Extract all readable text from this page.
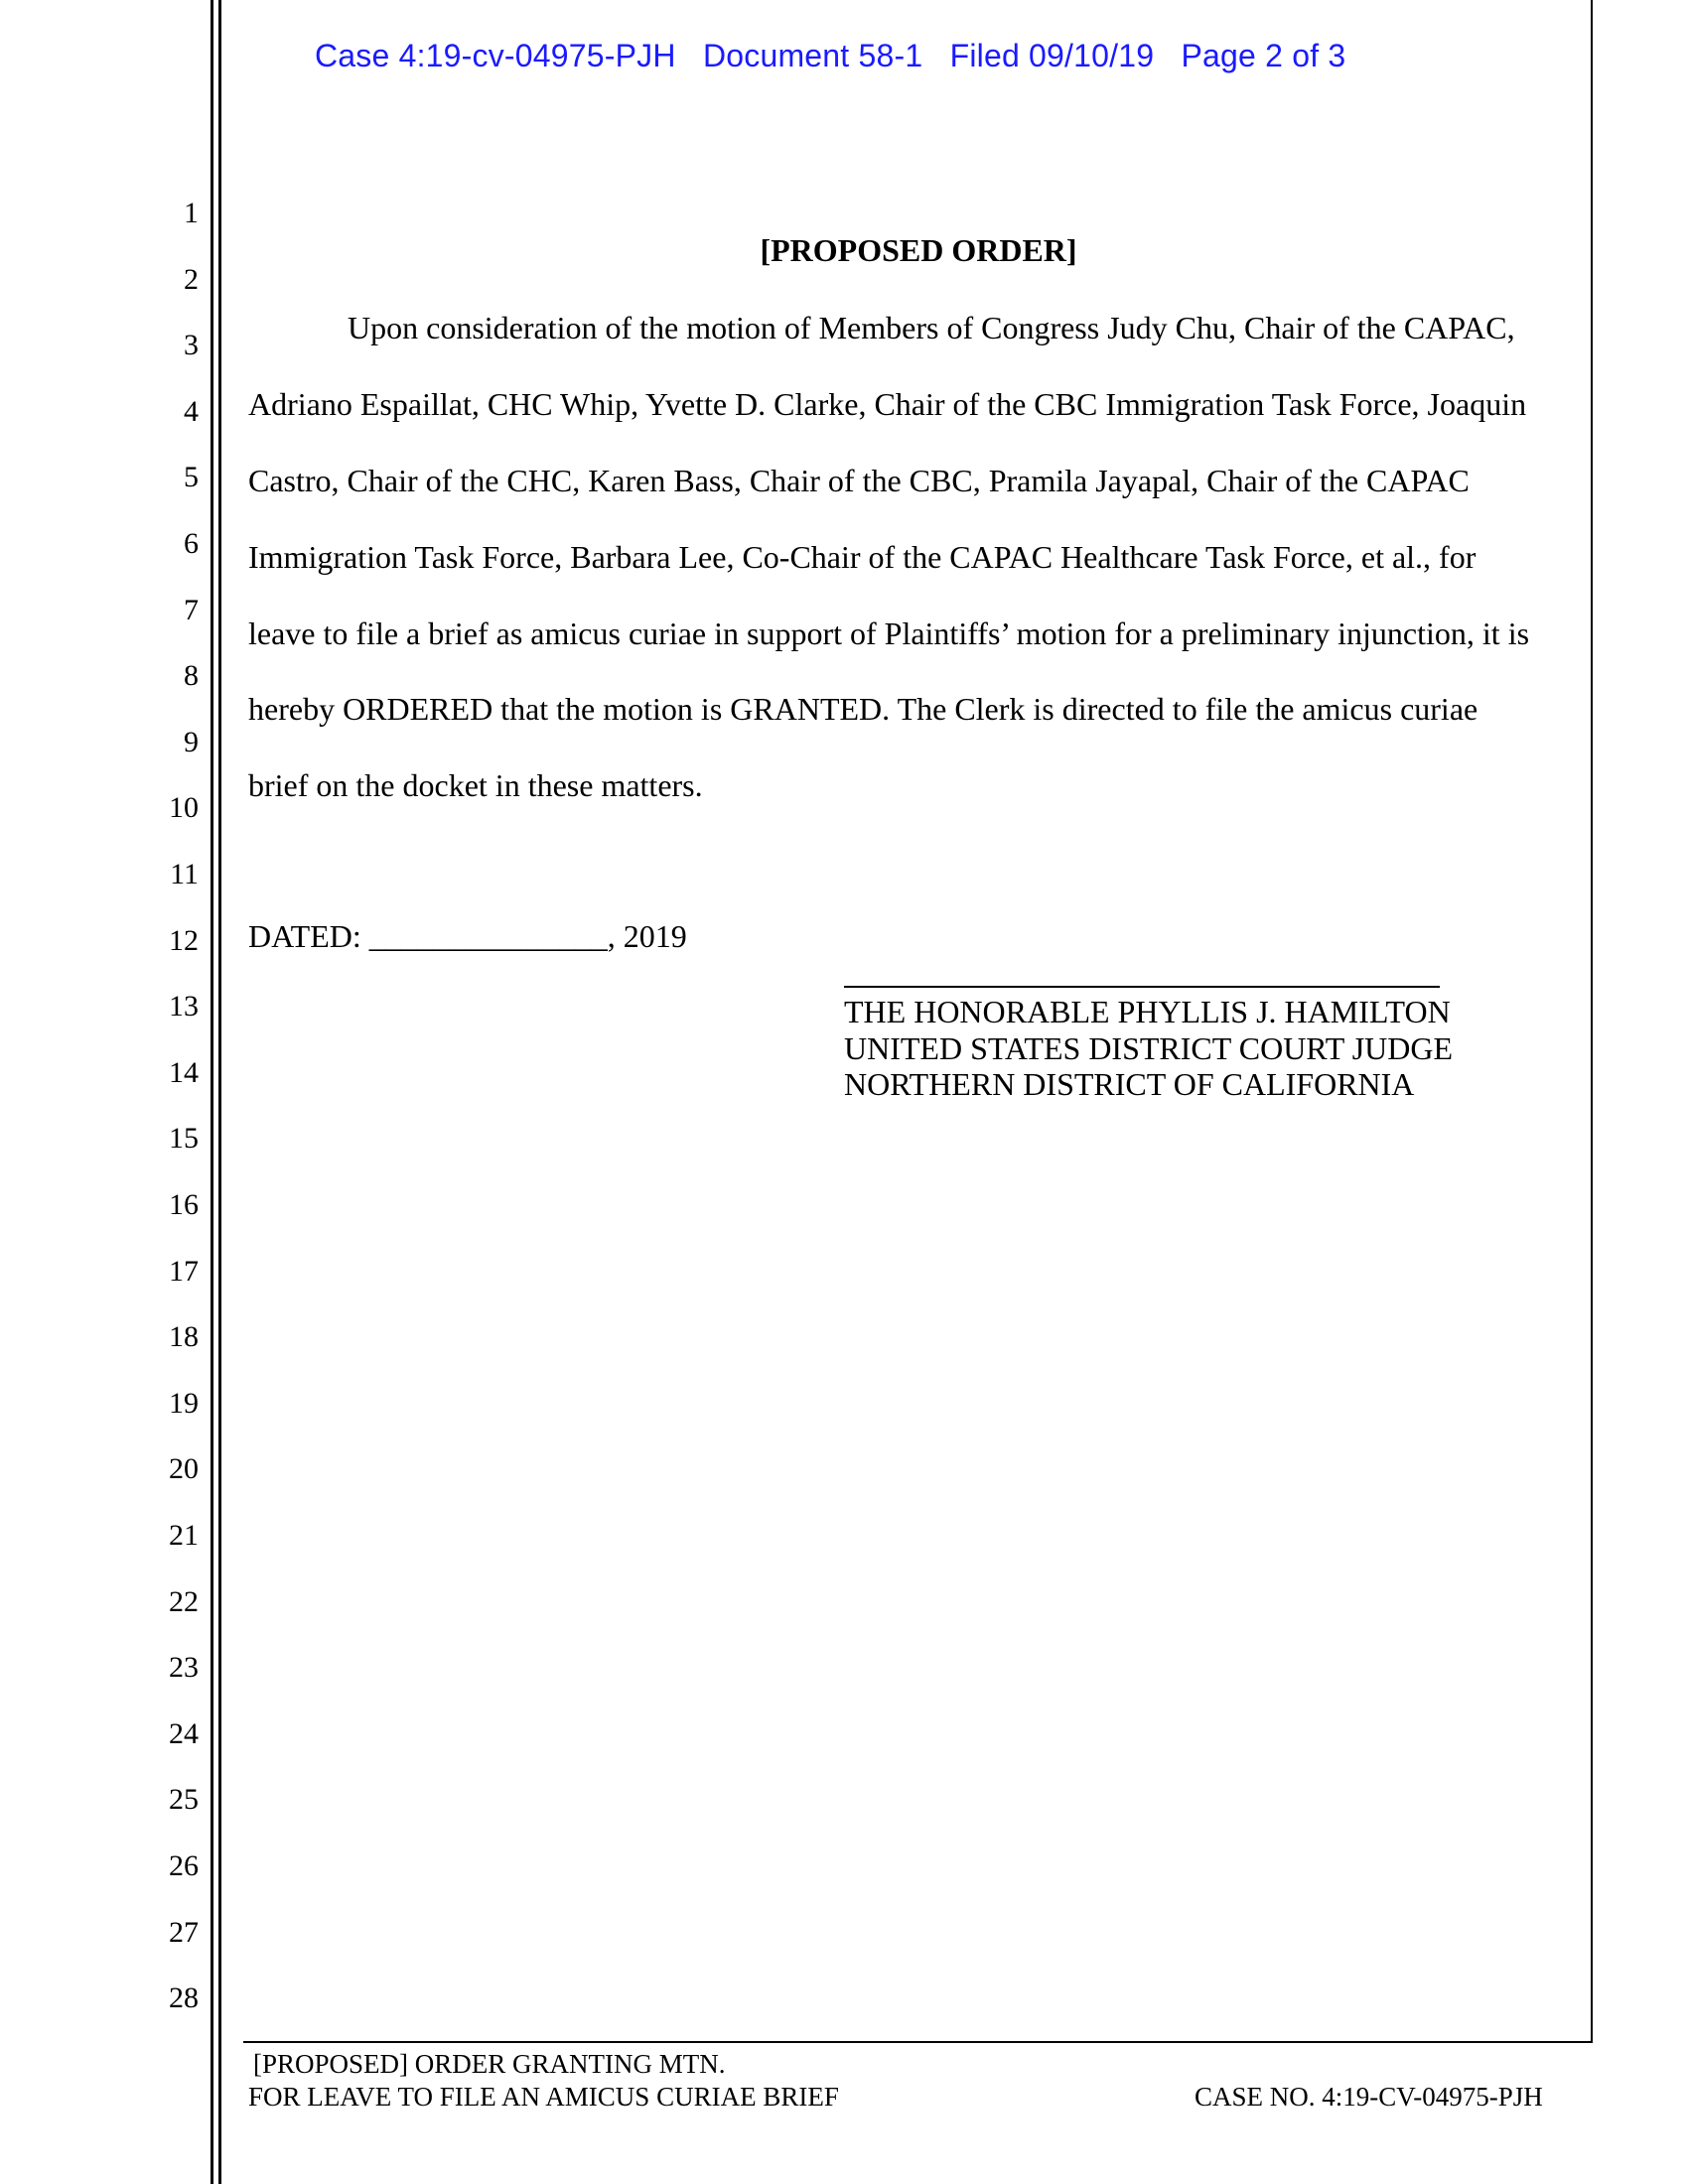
Case 4:19-cv-04975-PJH   Document 58-1   Filed 09/10/19   Page 2 of 3
1
2
3
4
5
6
7
8
9
10
11
12
13
14
15
16
17
18
19
20
21
22
23
24
25
26
27
28
[PROPOSED ORDER]
Upon consideration of the motion of Members of Congress Judy Chu, Chair of the CAPAC,
Adriano Espaillat, CHC Whip, Yvette D. Clarke, Chair of the CBC Immigration Task Force, Joaquin
Castro, Chair of the CHC, Karen Bass, Chair of the CBC, Pramila Jayapal, Chair of the CAPAC
Immigration Task Force, Barbara Lee, Co-Chair of the CAPAC Healthcare Task Force, et al., for
leave to file a brief as amicus curiae in support of Plaintiffs’ motion for a preliminary injunction, it is
hereby ORDERED that the motion is GRANTED. The Clerk is directed to file the amicus curiae
brief on the docket in these matters.
DATED: _______________, 2019
THE HONORABLE PHYLLIS J. HAMILTON
UNITED STATES DISTRICT COURT JUDGE
NORTHERN DISTRICT OF CALIFORNIA
[PROPOSED] ORDER GRANTING MTN.
FOR LEAVE TO FILE AN AMICUS CURIAE BRIEF	CASE NO. 4:19-CV-04975-PJH
